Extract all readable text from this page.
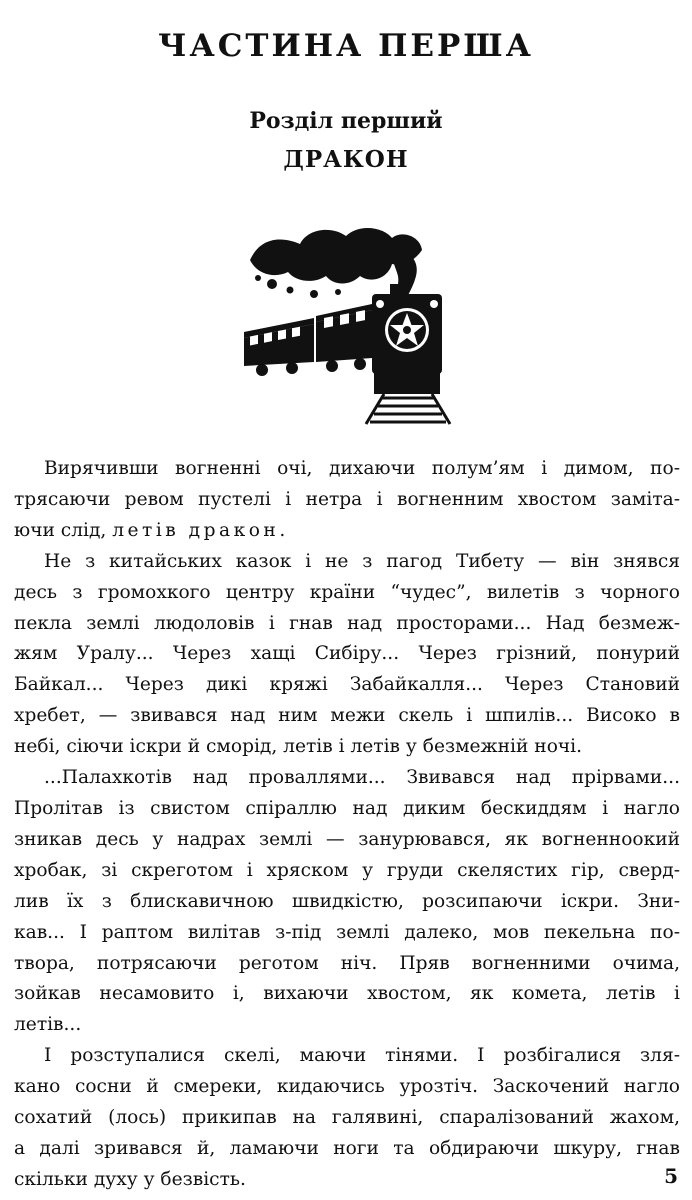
ЧАСТИНА ПЕРША
Розділ перший
ДРАКОН

Вирячивши вогненні очі, дихаючи полум’ям і димом, по-
трясаючи ревом пустелі і нетра і вогненним хвостом заміта-
ючи слід, летів дракон.

Не з китайських казок і не з пагод Тибету — він знявся
десь з громохкого центру країни “чудес”, вилетів з чорного
пекла землі людоловів і гнав над просторами... Над безмеж-
жям Уралу... Через хащі Сибіру... Через грізний, понурий
Байкал... Через дикі кряжі Забайкалля... Через Становий
хребет, — звивався над ним межи скель і шпилів... Високо в
небі, сіючи іскри й сморід, летів і летів у безмежній ночі.

...Палахкотів над проваллями... Звивався над прірвами...
Пролітав із свистом спіраллю над диким бескиддям і нагло
зникав десь у надрах землі — занурювався, як вогненноокий
хробак, зі скреготом і хряском у груди скелястих гір, сверд-
лив їх з блискавичною швидкістю, розсипаючи іскри. Зни-
кав... І раптом вилітав з-під землі далеко, мов пекельна по-
твора, потрясаючи реготом ніч. Пряв вогненними очима,
зойкав несамовито і, вихаючи хвостом, як комета, летів і
летів...

І розступалися скелі, маючи тінями. І розбігалися зля-
кано сосни й смереки, кидаючись урозтіч. Заскочений нагло
сохатий (лось) прикипав на галявині, спаралізований жахом,
а далі зривався й, ламаючи ноги та обдираючи шкуру, гнав
скільки духу у безвість.	5
